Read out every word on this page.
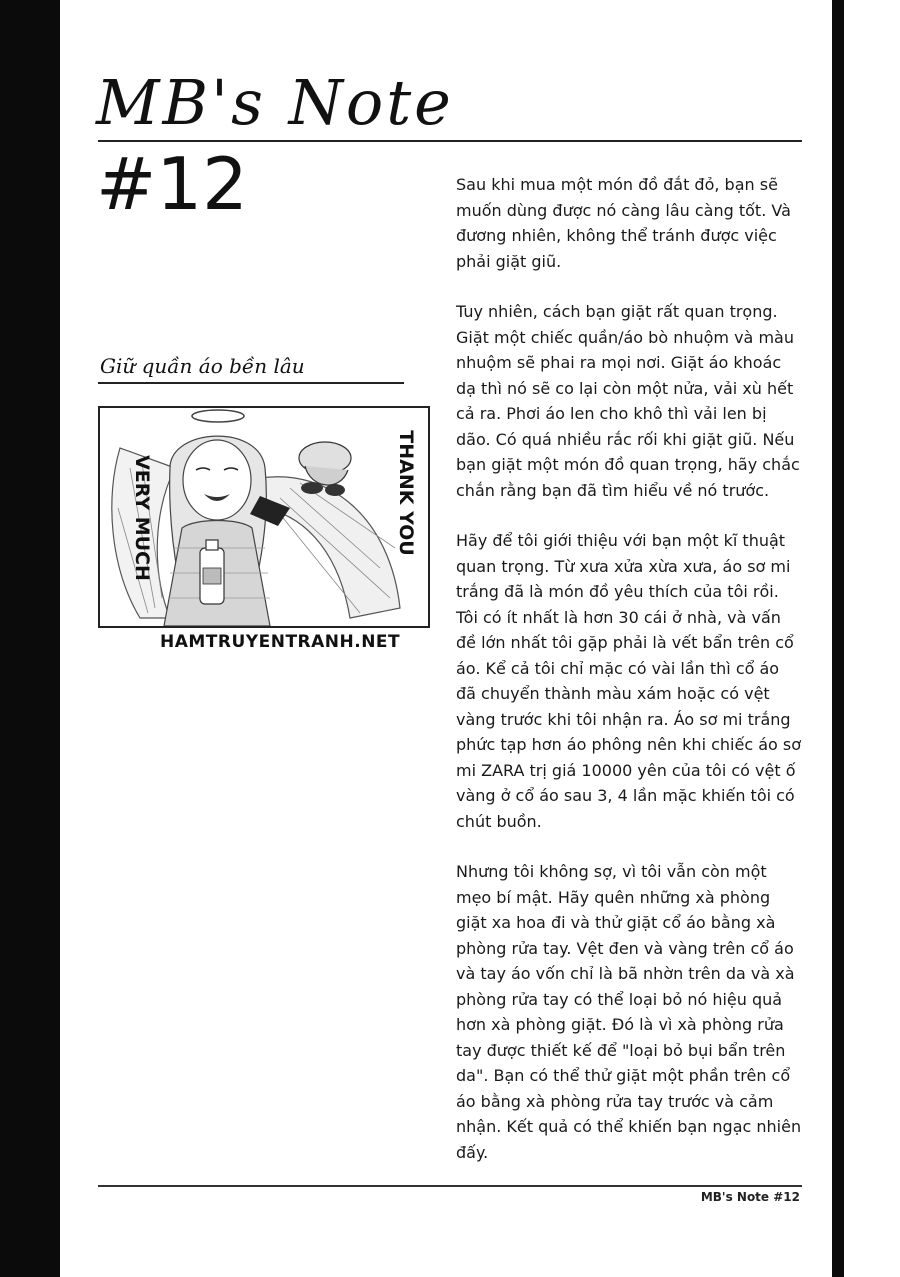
MB's Note
#12
Giữ quần áo bền lâu
VERY MUCH	THANK YOU
HAMTRUYENTRANH.NET

Sau khi mua một món đồ đắt đỏ, bạn sẽ muốn dùng được nó càng lâu càng tốt. Và đương nhiên, không thể tránh được việc phải giặt giũ.

Tuy nhiên, cách bạn giặt rất quan trọng. Giặt một chiếc quần/áo bò nhuộm và màu nhuộm sẽ phai ra mọi nơi. Giặt áo khoác dạ thì nó sẽ co lại còn một nửa, vải xù hết cả ra. Phơi áo len cho khô thì vải len bị dão. Có quá nhiều rắc rối khi giặt giũ. Nếu bạn giặt một món đồ quan trọng, hãy chắc chắn rằng bạn đã tìm hiểu về nó trước.

Hãy để tôi giới thiệu với bạn một kĩ thuật quan trọng. Từ xưa xửa xừa xưa, áo sơ mi trắng đã là món đồ yêu thích của tôi rồi. Tôi có ít nhất là hơn 30 cái ở nhà, và vấn đề lớn nhất tôi gặp phải là vết bẩn trên cổ áo. Kể cả tôi chỉ mặc có vài lần thì cổ áo đã chuyển thành màu xám hoặc có vệt vàng trước khi tôi nhận ra. Áo sơ mi trắng phức tạp hơn áo phông nên khi chiếc áo sơ mi ZARA trị giá 10000 yên của tôi có vệt ố vàng ở cổ áo sau 3, 4 lần mặc khiến tôi có chút buồn.

Nhưng tôi không sợ, vì tôi vẫn còn một mẹo bí mật. Hãy quên những xà phòng giặt xa hoa đi và thử giặt cổ áo bằng xà phòng rửa tay. Vệt đen và vàng trên cổ áo và tay áo vốn chỉ là bã nhờn trên da và xà phòng rửa tay có thể loại bỏ nó hiệu quả hơn xà phòng giặt. Đó là vì xà phòng rửa tay được thiết kế để "loại bỏ bụi bẩn trên da". Bạn có thể thử giặt một phần trên cổ áo bằng xà phòng rửa tay trước và cảm nhận. Kết quả có thể khiến bạn ngạc nhiên đấy.

MB's Note #12
